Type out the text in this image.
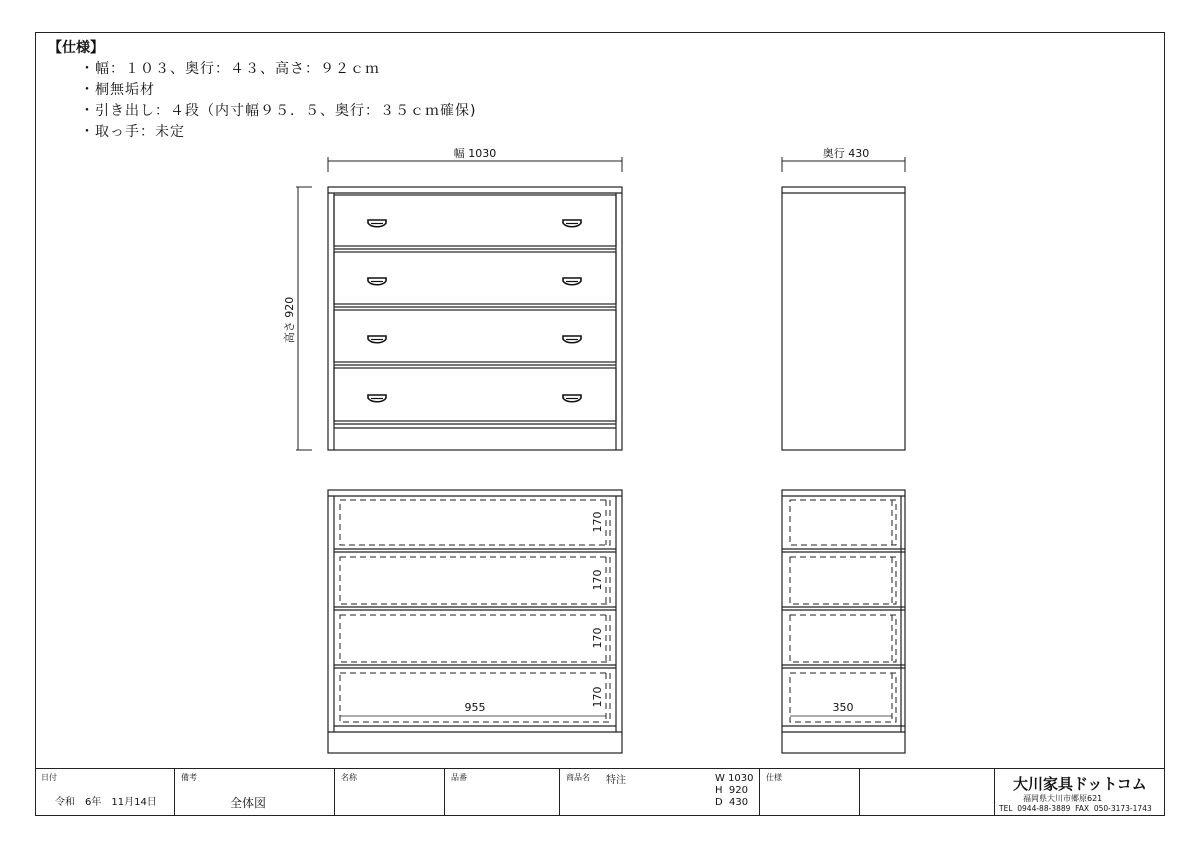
【仕様】
・幅：１０３、奥行：４３、高さ：９２ｃｍ
・桐無垢材
・引き出し：４段（内寸幅９５．５、奥行：３５ｃｍ確保)
・取っ手：未定
幅 1030
高さ 920
奥行 430
955
170
170
170
170	350
日付
令和　6年　11月14日
備考
全体図
名称	品番	商品名 特注	W 1030
H  920
D  430
仕様	大川家具ドットコム
福岡県大川市郷原621
TEL  0944-88-3889  FAX  050-3173-1743
